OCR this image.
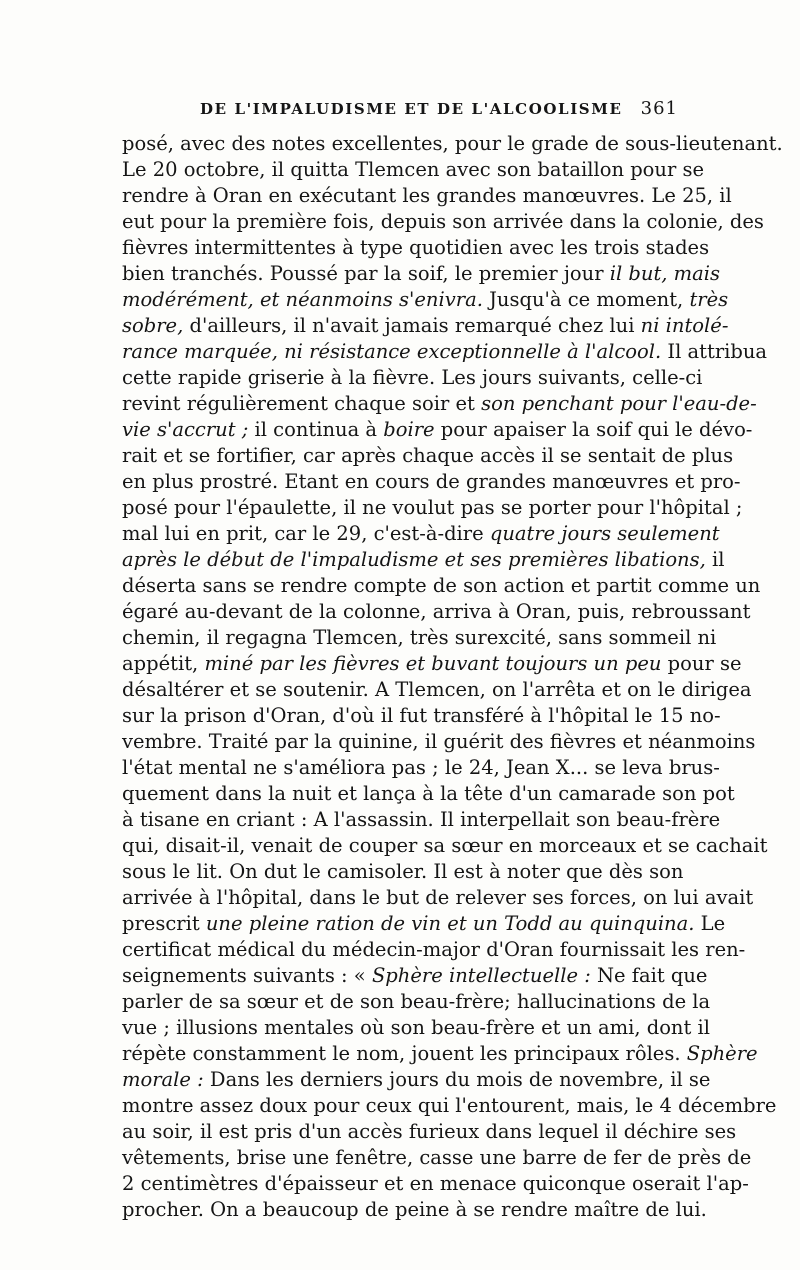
DE L'IMPALUDISME ET DE L'ALCOOLISME 361
posé, avec des notes excellentes, pour le grade de sous-lieutenant.
Le 20 octobre, il quitta Tlemcen avec son bataillon pour se
rendre à Oran en exécutant les grandes manœuvres. Le 25, il
eut pour la première fois, depuis son arrivée dans la colonie, des
fièvres intermittentes à type quotidien avec les trois stades
bien tranchés. Poussé par la soif, le premier jour il but, mais
modérément, et néanmoins s'enivra. Jusqu'à ce moment, très
sobre, d'ailleurs, il n'avait jamais remarqué chez lui ni intolé-
rance marquée, ni résistance exceptionnelle à l'alcool. Il attribua
cette rapide griserie à la fièvre. Les jours suivants, celle-ci
revint régulièrement chaque soir et son penchant pour l'eau-de-
vie s'accrut ; il continua à boire pour apaiser la soif qui le dévo-
rait et se fortifier, car après chaque accès il se sentait de plus
en plus prostré. Etant en cours de grandes manœuvres et pro-
posé pour l'épaulette, il ne voulut pas se porter pour l'hôpital ;
mal lui en prit, car le 29, c'est-à-dire quatre jours seulement
après le début de l'impaludisme et ses premières libations, il
déserta sans se rendre compte de son action et partit comme un
égaré au-devant de la colonne, arriva à Oran, puis, rebroussant
chemin, il regagna Tlemcen, très surexcité, sans sommeil ni
appétit, miné par les fièvres et buvant toujours un peu pour se
désaltérer et se soutenir. A Tlemcen, on l'arrêta et on le dirigea
sur la prison d'Oran, d'où il fut transféré à l'hôpital le 15 no-
vembre. Traité par la quinine, il guérit des fièvres et néanmoins
l'état mental ne s'améliora pas ; le 24, Jean X... se leva brus-
quement dans la nuit et lança à la tête d'un camarade son pot
à tisane en criant : A l'assassin. Il interpellait son beau-frère
qui, disait-il, venait de couper sa sœur en morceaux et se cachait
sous le lit. On dut le camisoler. Il est à noter que dès son
arrivée à l'hôpital, dans le but de relever ses forces, on lui avait
prescrit une pleine ration de vin et un Todd au quinquina. Le
certificat médical du médecin-major d'Oran fournissait les ren-
seignements suivants : « Sphère intellectuelle : Ne fait que
parler de sa sœur et de son beau-frère; hallucinations de la
vue ; illusions mentales où son beau-frère et un ami, dont il
répète constamment le nom, jouent les principaux rôles. Sphère
morale : Dans les derniers jours du mois de novembre, il se
montre assez doux pour ceux qui l'entourent, mais, le 4 décembre
au soir, il est pris d'un accès furieux dans lequel il déchire ses
vêtements, brise une fenêtre, casse une barre de fer de près de
2 centimètres d'épaisseur et en menace quiconque oserait l'ap-
procher. On a beaucoup de peine à se rendre maître de lui.
